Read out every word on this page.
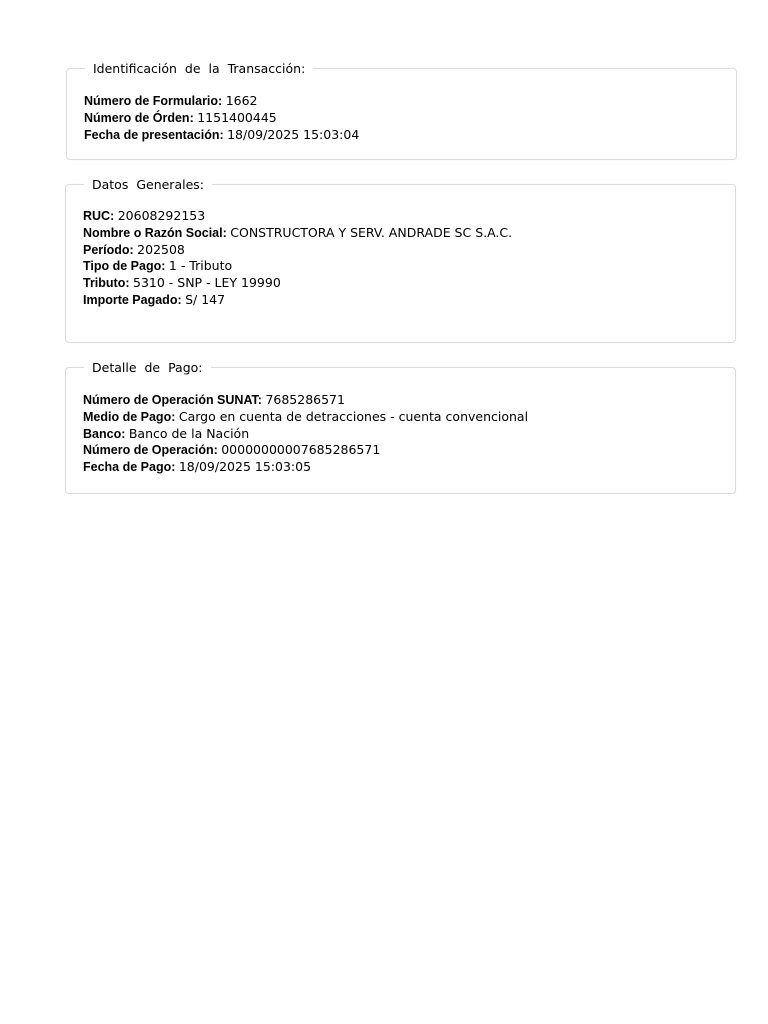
Identificación de la Transacción:
Número de Formulario: 1662
Número de Órden: 1151400445
Fecha de presentación: 18/09/2025 15:03:04
Datos Generales:
RUC: 20608292153
Nombre o Razón Social: CONSTRUCTORA Y SERV. ANDRADE SC S.A.C.
Período: 202508
Tipo de Pago: 1 - Tributo
Tributo: 5310 - SNP - LEY 19990
Importe Pagado: S/ 147
Detalle de Pago:
Número de Operación SUNAT: 7685286571
Medio de Pago: Cargo en cuenta de detracciones - cuenta convencional
Banco: Banco de la Nación
Número de Operación: 00000000007685286571
Fecha de Pago: 18/09/2025 15:03:05
